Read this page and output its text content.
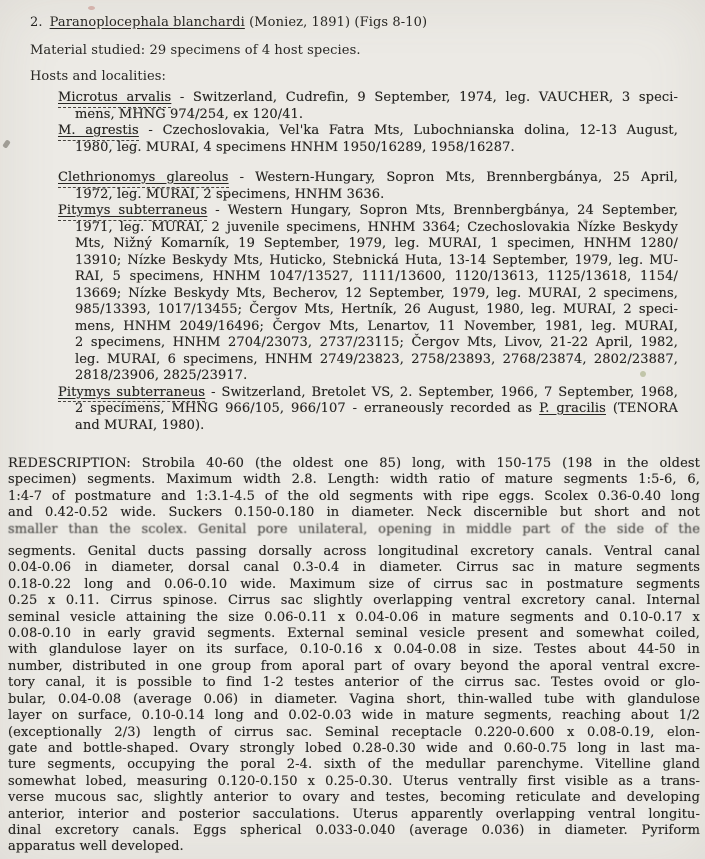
2. Paranoplocephala blanchardi (Moniez, 1891) (Figs 8-10)
Material studied: 29 specimens of 4 host species.
Hosts and localities:
Microtus arvalis - Switzerland, Cudrefin, 9 September, 1974, leg. VAUCHER, 3 speci-
mens, MHNG 974/254, ex 120/41.
M. agrestis - Czechoslovakia, Vel'ka Fatra Mts, Lubochnianska dolina, 12-13 August,
1980, leg. MURAI, 4 specimens HNHM 1950/16289, 1958/16287.
Clethrionomys glareolus - Western-Hungary, Sopron Mts, Brennbergbánya, 25 April,
1972, leg. MURAI, 2 specimens, HNHM 3636.
Pitymys subterraneus - Western Hungary, Sopron Mts, Brennbergbánya, 24 September,
1971, leg. MURAI, 2 juvenile specimens, HNHM 3364; Czechoslovakia Nízke Beskydy
Mts, Nižný Komarník, 19 September, 1979, leg. MURAI, 1 specimen, HNHM 1280/
13910; Nízke Beskydy Mts, Huticko, Stebnická Huta, 13-14 September, 1979, leg. MU-
RAI, 5 specimens, HNHM 1047/13527, 1111/13600, 1120/13613, 1125/13618, 1154/
13669; Nízke Beskydy Mts, Becherov, 12 September, 1979, leg. MURAI, 2 specimens,
985/13393, 1017/13455; Čergov Mts, Hertník, 26 August, 1980, leg. MURAI, 2 speci-
mens, HNHM 2049/16496; Čergov Mts, Lenartov, 11 November, 1981, leg. MURAI,
2 specimens, HNHM 2704/23073, 2737/23115; Čergov Mts, Livov, 21-22 April, 1982,
leg. MURAI, 6 specimens, HNHM 2749/23823, 2758/23893, 2768/23874, 2802/23887,
2818/23906, 2825/23917.
Pitymys subterraneus - Switzerland, Bretolet VS, 2. September, 1966, 7 September, 1968,
2 specimens, MHNG 966/105, 966/107 - erraneously recorded as P. gracilis (TENORA
and MURAI, 1980).
REDESCRIPTION: Strobila 40-60 (the oldest one 85) long, with 150-175 (198 in the oldest
specimen) segments. Maximum width 2.8. Length: width ratio of mature segments 1:5-6, 6,
1:4-7 of postmature and 1:3.1-4.5 of the old segments with ripe eggs. Scolex 0.36-0.40 long
and 0.42-0.52 wide. Suckers 0.150-0.180 in diameter. Neck discernible but short and not
smaller than the scolex. Genital pore unilateral, opening in middle part of the side of the
segments. Genital ducts passing dorsally across longitudinal excretory canals. Ventral canal
0.04-0.06 in diameter, dorsal canal 0.3-0.4 in diameter. Cirrus sac in mature segments
0.18-0.22 long and 0.06-0.10 wide. Maximum size of cirrus sac in postmature segments
0.25 x 0.11. Cirrus spinose. Cirrus sac slightly overlapping ventral excretory canal. Internal
seminal vesicle attaining the size 0.06-0.11 x 0.04-0.06 in mature segments and 0.10-0.17 x
0.08-0.10 in early gravid segments. External seminal vesicle present and somewhat coiled,
with glandulose layer on its surface, 0.10-0.16 x 0.04-0.08 in size. Testes about 44-50 in
number, distributed in one group from aporal part of ovary beyond the aporal ventral excre-
tory canal, it is possible to find 1-2 testes anterior of the cirrus sac. Testes ovoid or glo-
bular, 0.04-0.08 (average 0.06) in diameter. Vagina short, thin-walled tube with glandulose
layer on surface, 0.10-0.14 long and 0.02-0.03 wide in mature segments, reaching about 1/2
(exceptionally 2/3) length of cirrus sac. Seminal receptacle 0.220-0.600 x 0.08-0.19, elon-
gate and bottle-shaped. Ovary strongly lobed 0.28-0.30 wide and 0.60-0.75 long in last ma-
ture segments, occupying the poral 2-4. sixth of the medullar parenchyme. Vitelline gland
somewhat lobed, measuring 0.120-0.150 x 0.25-0.30. Uterus ventrally first visible as a trans-
verse mucous sac, slightly anterior to ovary and testes, becoming reticulate and developing
anterior, interior and posterior sacculations. Uterus apparently overlapping ventral longitu-
dinal excretory canals. Eggs spherical 0.033-0.040 (average 0.036) in diameter. Pyriform
apparatus well developed.
